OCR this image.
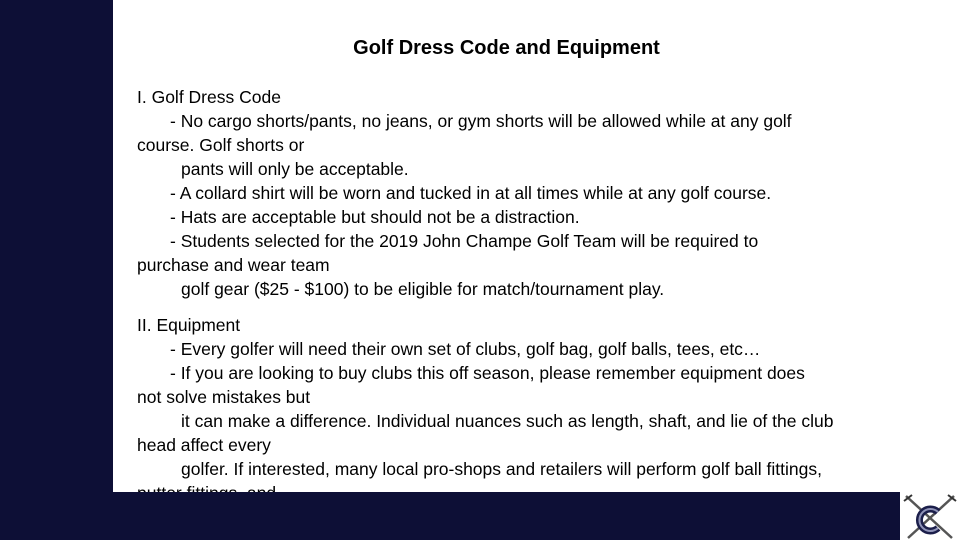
Golf Dress Code and Equipment

I. Golf Dress Code

- No cargo shorts/pants, no jeans, or gym shorts will be allowed while at any golf

course. Golf shorts or

pants will only be acceptable.

- A collard shirt will be worn and tucked in at all times while at any golf course.

- Hats are acceptable but should not be a distraction.

- Students selected for the 2019 John Champe Golf Team will be required to

purchase and wear team

golf gear ($25 - $100) to be eligible for match/tournament play.

II. Equipment

- Every golfer will need their own set of clubs, golf bag, golf balls, tees, etc…

- If you are looking to buy clubs this off season, please remember equipment does

not solve mistakes but

it can make a difference. Individual nuances such as length, shaft, and lie of the club

head affect every

golfer. If interested, many local pro-shops and retailers will perform golf ball fittings,
